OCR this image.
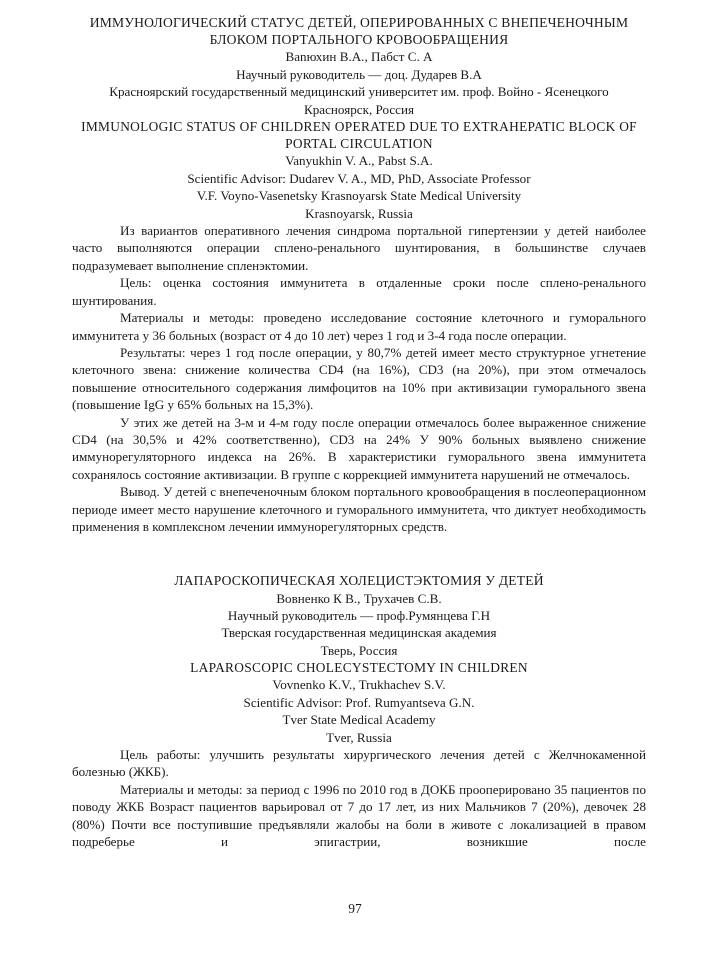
ИММУНОЛОГИЧЕСКИЙ СТАТУС ДЕТЕЙ, ОПЕРИРОВАННЫХ С ВНЕПЕЧЕНОЧНЫМ БЛОКОМ ПОРТАЛЬНОГО КРОВООБРАЩЕНИЯ

Ваnюхин В.А., Пабст С. А

Научный руководитель — доц. Дударев В.А

Красноярский государственный медицинский университет им. проф. Войно - Ясенецкого

Красноярск, Россия

IMMUNOLOGIC STATUS OF CHILDREN OPERATED DUE TO EXTRAHEPATIC BLOCK OF PORTAL CIRCULATION

Vanyukhin V. A., Pabst S.A.

Scientific Advisor: Dudarev V. A., MD, PhD, Associate Professor

V.F. Voyno-Vasenetsky Krasnoyarsk State Medical University

Krasnoyarsk, Russia

Из вариантов оперативного лечения синдрома портальной гипертензии у детей наиболее часто выполняются операции сплено-ренального шунтирования, в большинстве случаев подразумевает выполнение спленэктомии.

Цель: оценка состояния иммунитета в отдаленные сроки после сплено-ренального шунтирования.

Материалы и методы: проведено исследование состояние клеточного и гуморального иммунитета у 36 больных (возраст от 4 до 10 лет) через 1 год и 3-4 года после операции.

Результаты: через 1 год после операции, у 80,7% детей имеет место структурное угнетение клеточного звена: снижение количества CD4 (на 16%), CD3 (на 20%), при этом отмечалось повышение относительного содержания лимфоцитов на 10% при активизации гуморального звена (повышение IgG у 65% больных на 15,3%).

У этих же детей на 3-м и 4-м году после операции отмечалось более выраженное снижение CD4 (на 30,5% и 42% соответственно), CD3 на 24% У 90% больных выявлено снижение иммунорегуляторного индекса на 26%. В характеристики гуморального звена иммунитета сохранялось состояние активизации. В группе с коррекцией иммунитета нарушений не отмечалось.

Вывод. У детей с внепеченочным блоком портального кровообращения в послеоперационном периоде имеет место нарушение клеточного и гуморального иммунитета, что диктует необходимость применения в комплексном лечении иммунорегуляторных средств.

ЛАПАРОСКОПИЧЕСКАЯ ХОЛЕЦИСТЭКТОМИЯ У ДЕТЕЙ

Вовненко К В., Трухачев С.В.

Научный руководитель — проф.Румянцева Г.Н

Тверская государственная медицинская академия

Тверь, Россия

LAPAROSCOPIC CHOLECYSTECTOMY IN CHILDREN

Vovnenko K.V., Trukhachev S.V.

Scientific Advisor: Prof. Rumyantseva G.N.

Tver State Medical Academy

Tver, Russia

Цель работы: улучшить результаты хирургического лечения детей с Желчнокаменной болезнью (ЖКБ).

Материалы и методы: за период с 1996 по 2010 год в ДОКБ прооперировано 35 пациентов по поводу ЖКБ Возраст пациентов варьировал от 7 до 17 лет, из них Мальчиков 7 (20%), девочек 28 (80%) Почти все поступившие предъявляли жалобы на боли в животе с локализацией в правом подреберье и эпигастрии, возникшие после

97
